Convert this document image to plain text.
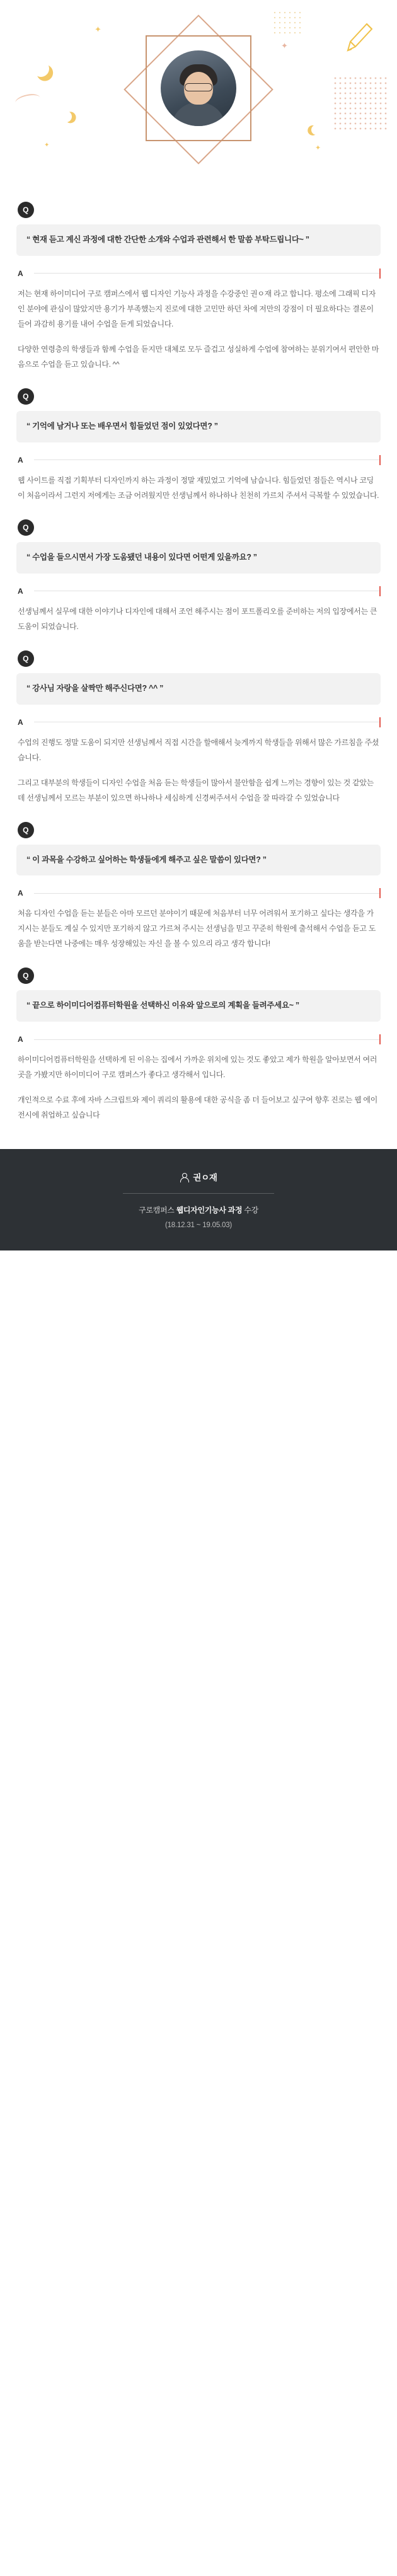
✦
✦
✦	✦
Q
“ 현재 듣고 계신 과정에 대한 간단한 소개와 수업과 관련해서 한 말씀 부탁드립니다~ ”
A

저는 현재 하이미디어 구로 캠퍼스에서 웹 디자인 기능사 과정을 수강중인 권ㅇ재 라고 합니다. 평소에 그래픽 디자인 분야에 관심이 많았지만 용기가 부족했는지 진로에 대한 고민만 하던 차에 저만의 강점이 더 필요하다는 결론이 들어 과감히 용기를 내어 수업을 듣게 되었습니다.

다양한 연령층의 학생들과 함께 수업을 듣지만 대체로 모두 즐겁고 성실하게 수업에 참여하는 분위기여서 편안한 마음으로 수업을 듣고 있습니다. ^^

Q
“ 기억에 남거나 또는 배우면서 힘들었던 점이 있었다면? ”
A

웹 사이트를 직접 기획부터 디자인까지 하는 과정이 정말 재밌었고 기억에 남습니다. 힘들었던 점들은 역시나 코딩이 처음이라서 그런지 저에게는 조금 어려웠지만 선생님께서 하나하나 친천히 가르치 주셔서 극복할 수 있었습니다.

Q
“ 수업을 들으시면서 가장 도움됐던 내용이 있다면 어떤게 있을까요? ”
A

선생님께서 실무에 대한 이야기나 디자인에 대해서 조언 해주시는 점이 포트폴리오를 준비하는 저의 입장에서는 큰 도움이 되었습니다.

Q
“ 강사님 자랑을 살짝만 해주신다면? ^^ ”
A

수업의 진행도 정말 도움이 되지만 선생님께서 직접 시간을 할애해서 늦게까지 학생들을 위해서 많은 가르침을 주셨습니다.

그리고 대부분의 학생들이 디자인 수업을 처음 듣는 학생들이 많아서 불안함을 쉽게 느끼는 경향이 있는 것 같았는데 선생님께서 모르는 부분이 있으면 하나하나 세심하게 신경써주셔서 수업을 잘 따라갈 수 있었습니다

Q
“ 이 과목을 수강하고 싶어하는 학생들에게 해주고 싶은 말씀이 있다면? ”
A

처음 디자인 수업을 듣는 분들은 아마 모르던 분야이기 때문에 처음부터 너무 어려워서 포기하고 싶다는 생각을 가지시는 분들도 계실 수 있지만 포기하지 않고 가르쳐 주시는 선생님을 믿고 꾸준히 학원에 출석해서 수업을 듣고 도움을 받는다면 나중에는 매우 성장해있는 자신 을 볼 수 있으리 라고 생각 합니다!

Q
“ 끝으로 하이미디어컴퓨터학원을 선택하신 이유와 앞으로의 계획을 들려주세요~ ”
A

하이미디어컴퓨터학원을 선택하게 된 이유는 집에서 가까운 위치에 있는 것도 좋았고 제가 학원을 알아보면서 여러 곳을 가봤지만 하이미디어 구로 캠퍼스가 좋다고 생각해서 입니다.

개인적으로 수료 후에 자바 스크립트와 제이 쿼리의 활용에 대한 공식을 좀 더 들어보고 싶구여 향후 진로는 웹 에이전시에 취업하고 싶습니다

권ㅇ재
구로캠퍼스 웹디자인기능사 과정 수강
(18.12.31 ~ 19.05.03)
